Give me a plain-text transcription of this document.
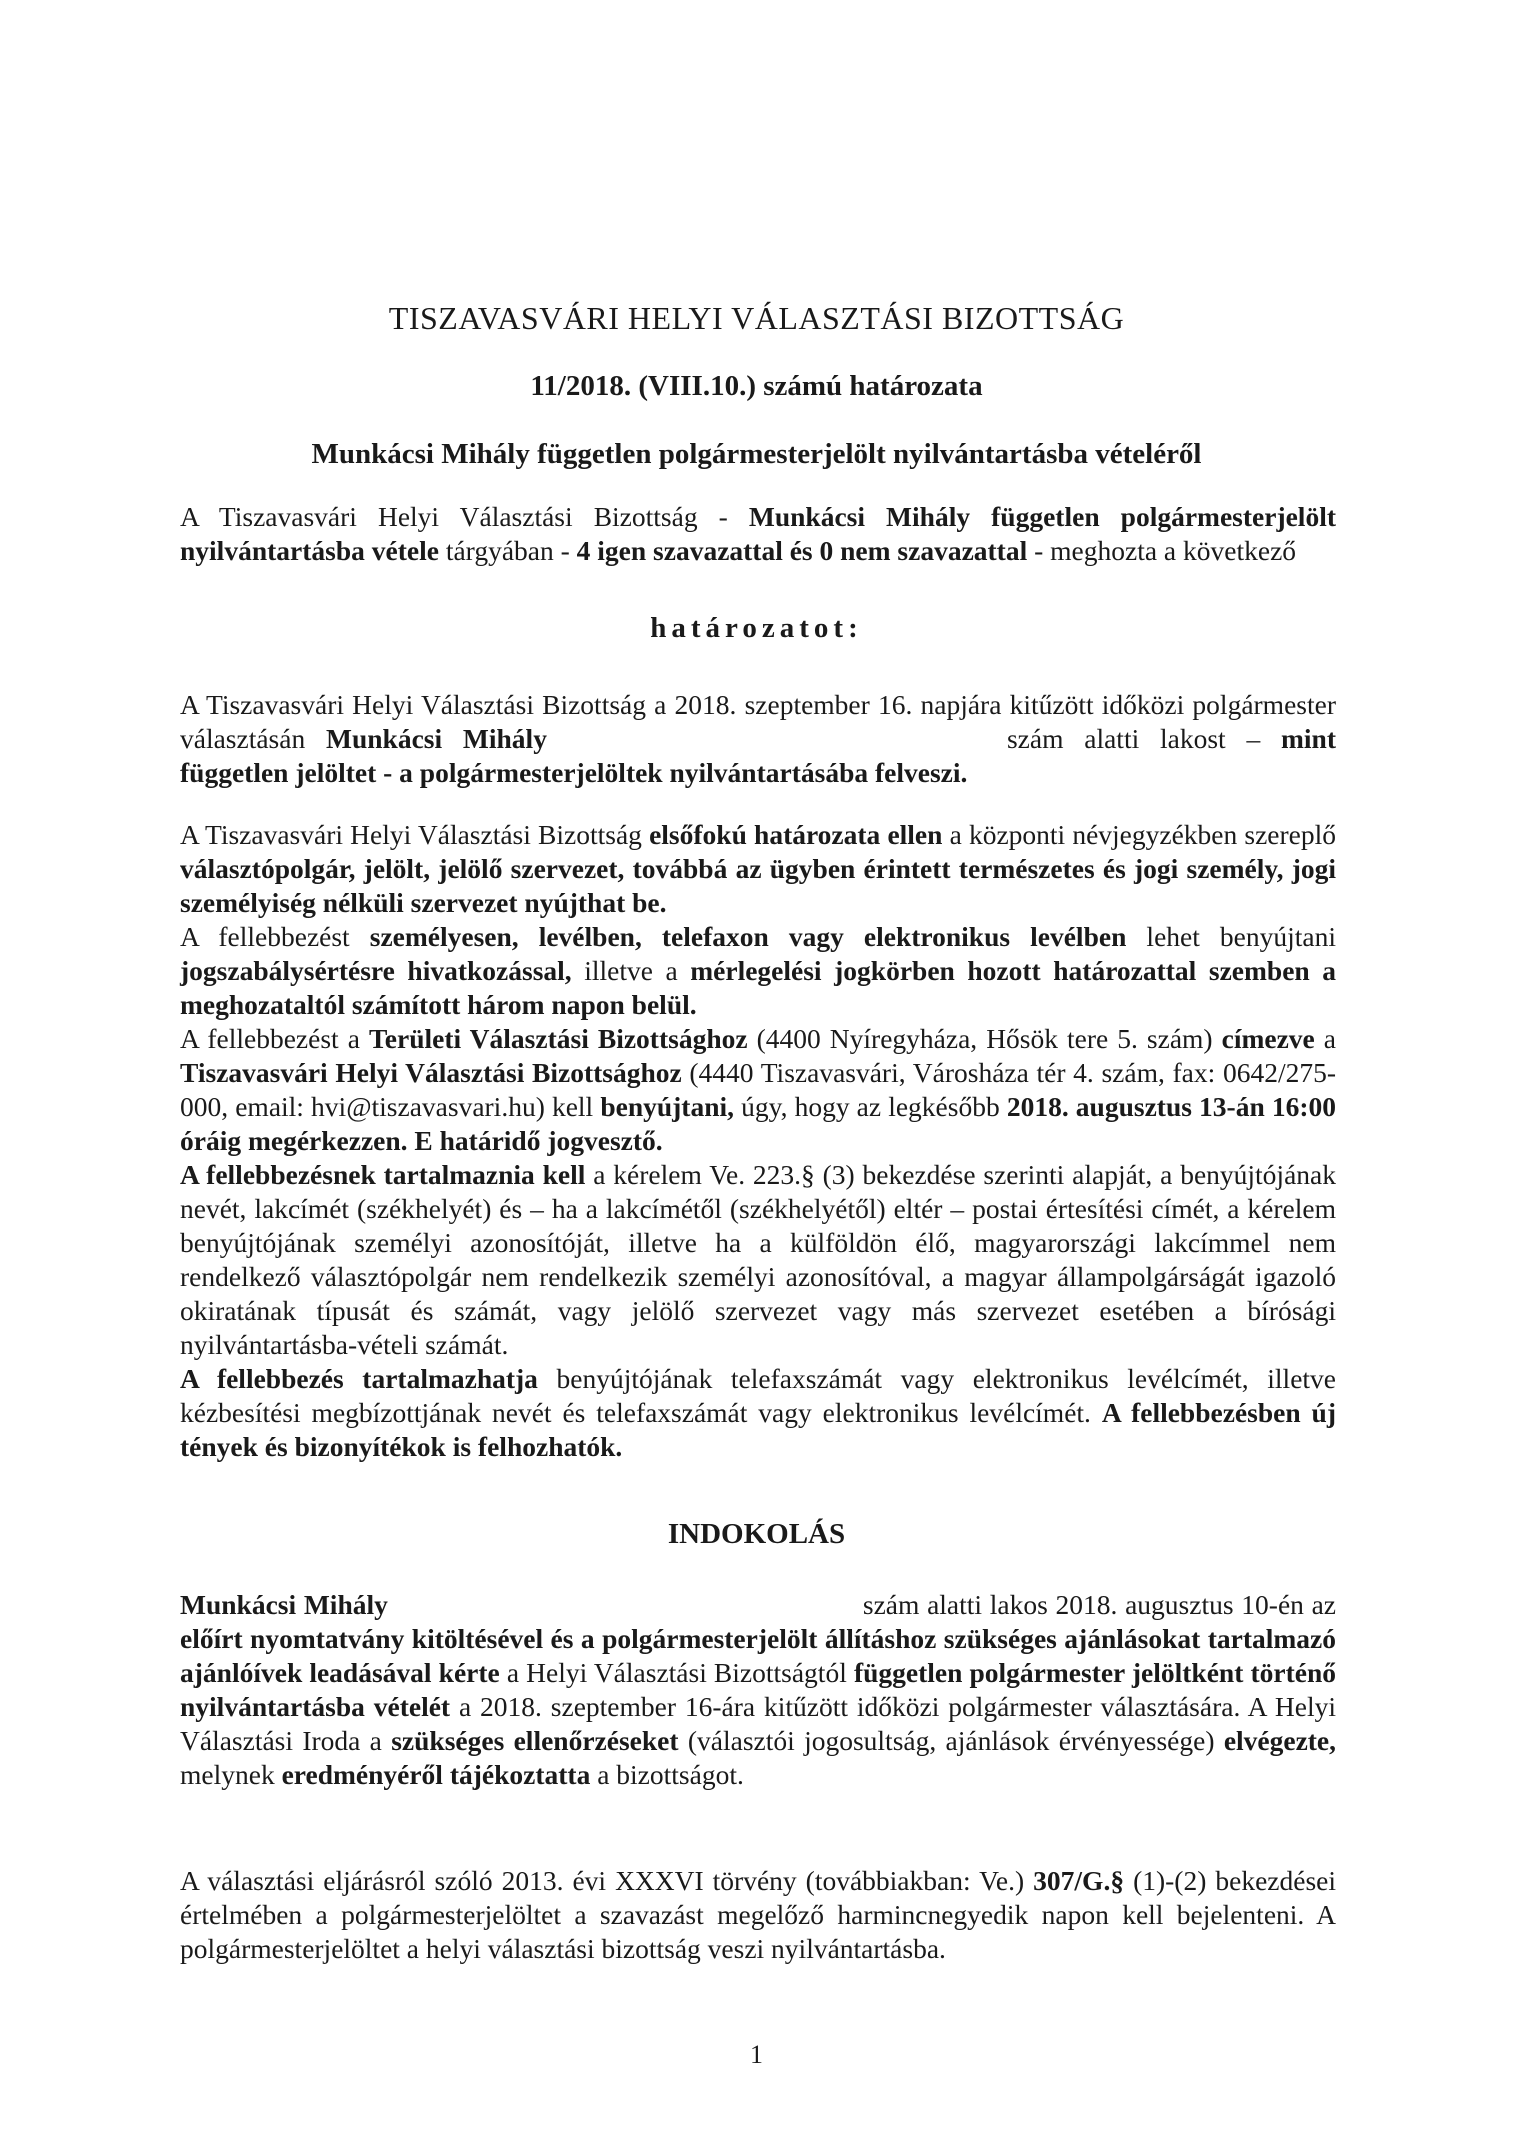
TISZAVASVÁRI HELYI VÁLASZTÁSI BIZOTTSÁG
11/2018. (VIII.10.) számú határozata
Munkácsi Mihály független polgármesterjelölt nyilvántartásba vételéről

A Tiszavasvári Helyi Választási Bizottság - Munkácsi Mihály független polgármesterjelölt nyilvántartásba vétele tárgyában - 4 igen szavazattal és 0 nem szavazattal - meghozta a következő

határozatot:

A Tiszavasvári Helyi Választási Bizottság a 2018. szeptember 16. napjára kitűzött időközi polgármester választásán Munkácsi Mihály	szám alatti lakost – mint független jelöltet - a polgármesterjelöltek nyilvántartásába felveszi.

A Tiszavasvári Helyi Választási Bizottság elsőfokú határozata ellen a központi névjegyzékben szereplő választópolgár, jelölt, jelölő szervezet, továbbá az ügyben érintett természetes és jogi személy, jogi személyiség nélküli szervezet nyújthat be.

A fellebbezést személyesen, levélben, telefaxon vagy elektronikus levélben lehet benyújtani jogszabálysértésre hivatkozással, illetve a mérlegelési jogkörben hozott határozattal szemben a meghozataltól számított három napon belül.

A fellebbezést a Területi Választási Bizottsághoz (4400 Nyíregyháza, Hősök tere 5. szám) címezve a Tiszavasvári Helyi Választási Bizottsághoz (4440 Tiszavasvári, Városháza tér 4. szám, fax: 0642/275-000, email: hvi@tiszavasvari.hu) kell benyújtani, úgy, hogy az legkésőbb 2018. augusztus 13-án 16:00 óráig megérkezzen. E határidő jogvesztő.

A fellebbezésnek tartalmaznia kell a kérelem Ve. 223.§ (3) bekezdése szerinti alapját, a benyújtójának nevét, lakcímét (székhelyét) és – ha a lakcímétől (székhelyétől) eltér – postai értesítési címét, a kérelem benyújtójának személyi azonosítóját, illetve ha a külföldön élő, magyarországi lakcímmel nem rendelkező választópolgár nem rendelkezik személyi azonosítóval, a magyar állampolgárságát igazoló okiratának típusát és számát, vagy jelölő szervezet vagy más szervezet esetében a bírósági nyilvántartásba-vételi számát.

A fellebbezés tartalmazhatja benyújtójának telefaxszámát vagy elektronikus levélcímét, illetve kézbesítési megbízottjának nevét és telefaxszámát vagy elektronikus levélcímét. A fellebbezésben új tények és bizonyítékok is felhozhatók.

INDOKOLÁS

Munkácsi Mihály	szám alatti lakos 2018. augusztus 10-én az előírt nyomtatvány kitöltésével és a polgármesterjelölt állításhoz szükséges ajánlásokat tartalmazó ajánlóívek leadásával kérte a Helyi Választási Bizottságtól független polgármester jelöltként történő nyilvántartásba vételét a 2018. szeptember 16-ára kitűzött időközi polgármester választására. A Helyi Választási Iroda a szükséges ellenőrzéseket (választói jogosultság, ajánlások érvényessége) elvégezte, melynek eredményéről tájékoztatta a bizottságot.

A választási eljárásról szóló 2013. évi XXXVI törvény (továbbiakban: Ve.) 307/G.§ (1)-(2) bekezdései értelmében a polgármesterjelöltet a szavazást megelőző harmincnegyedik napon kell bejelenteni. A polgármesterjelöltet a helyi választási bizottság veszi nyilvántartásba.

1
